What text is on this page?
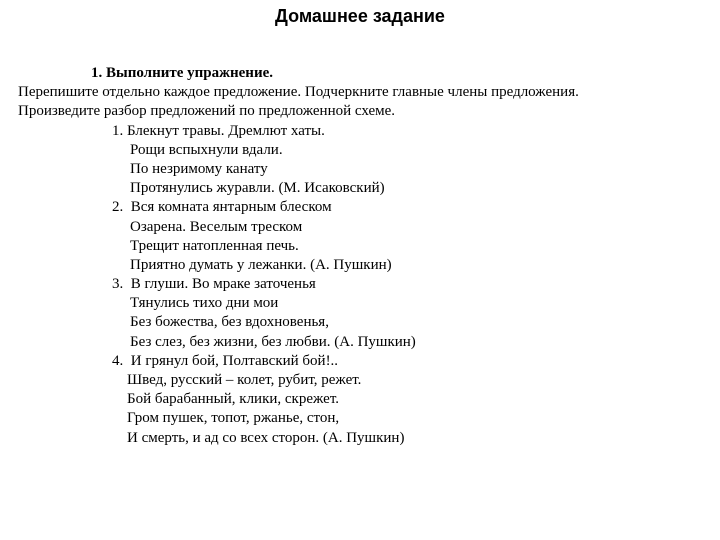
Домашнее задание
1. Выполните упражнение.
Перепишите отдельно каждое предложение. Подчеркните главные члены предложения.
Произведите разбор предложений по предложенной схеме.
1. Блекнут травы. Дремлют хаты.
Рощи вспыхнули вдали.
По незримому канату
Протянулись журавли. (М. Исаковский)
2. Вся комната янтарным блеском
Озарена. Веселым треском
Трещит натопленная печь.
Приятно думать у лежанки. (А. Пушкин)
3. В глуши. Во мраке заточенья
Тянулись тихо дни мои
Без божества, без вдохновенья,
Без слез, без жизни, без любви. (А. Пушкин)
4. И грянул бой, Полтавский бой!..
Швед, русский – колет, рубит, режет.
Бой барабанный, клики, скрежет.
Гром пушек, топот, ржанье, стон,
И смерть, и ад со всех сторон. (А. Пушкин)
